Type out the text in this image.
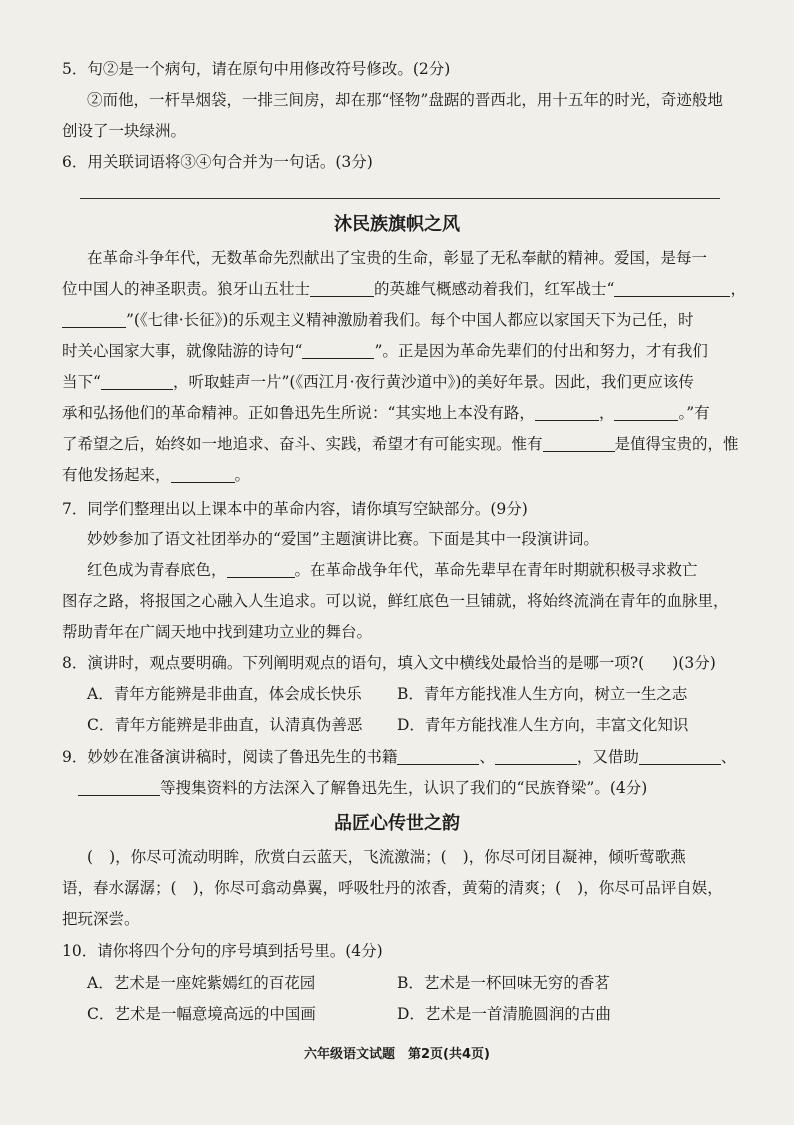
5．句②是一个病句，请在原句中用修改符号修改。(2分)
②而他，一杆旱烟袋，一排三间房，却在那“怪物”盘踞的晋西北，用十五年的时光，奇迹般地
创设了一块绿洲。
6．用关联词语将③④句合并为一句话。(3分)
沐民族旗帜之风
在革命斗争年代，无数革命先烈献出了宝贵的生命，彰显了无私奉献的精神。爱国，是每一
位中国人的神圣职责。狼牙山五壮士	的英雄气概感动着我们，红军战士“	，
”(《七律·长征》)的乐观主义精神激励着我们。每个中国人都应以家国天下为己任，时
时关心国家大事，就像陆游的诗句“	”。正是因为革命先辈们的付出和努力，才有我们
当下“	，听取蛙声一片”(《西江月·夜行黄沙道中》)的美好年景。因此，我们更应该传
承和弘扬他们的革命精神。正如鲁迅先生所说：“其实地上本没有路，	，	。”有
了希望之后，始终如一地追求、奋斗、实践，希望才有可能实现。惟有	是值得宝贵的，惟
有他发扬起来，	。
7．同学们整理出以上课本中的革命内容，请你填写空缺部分。(9分)
妙妙参加了语文社团举办的“爱国”主题演讲比赛。下面是其中一段演讲词。
红色成为青春底色，	。在革命战争年代，革命先辈早在青年时期就积极寻求救亡
图存之路，将报国之心融入人生追求。可以说，鲜红底色一旦铺就，将始终流淌在青年的血脉里，
帮助青年在广阔天地中找到建功立业的舞台。
8．演讲时，观点要明确。下列阐明观点的语句，填入文中横线处最恰当的是哪一项?( )(3分)
A．青年方能辨是非曲直，体会成长快乐	B．青年方能找准人生方向，树立一生之志
C．青年方能辨是非曲直，认清真伪善恶	D．青年方能找准人生方向，丰富文化知识
9．妙妙在准备演讲稿时，阅读了鲁迅先生的书籍	、	，又借助	、
等搜集资料的方法深入了解鲁迅先生，认识了我们的“民族脊梁”。(4分)
品匠心传世之韵
( )，你尽可流动明眸，欣赏白云蓝天，飞流激湍；( )，你尽可闭目凝神，倾听莺歌燕
语，春水潺潺；( )，你尽可翕动鼻翼，呼吸牡丹的浓香，黄菊的清爽；( )，你尽可品评自娱，
把玩深尝。
10．请你将四个分句的序号填到括号里。(4分)
A．艺术是一座姹紫嫣红的百花园	B．艺术是一杯回味无穷的香茗
C．艺术是一幅意境高远的中国画	D．艺术是一首清脆圆润的古曲
六年级语文试题　第2页(共4页)
